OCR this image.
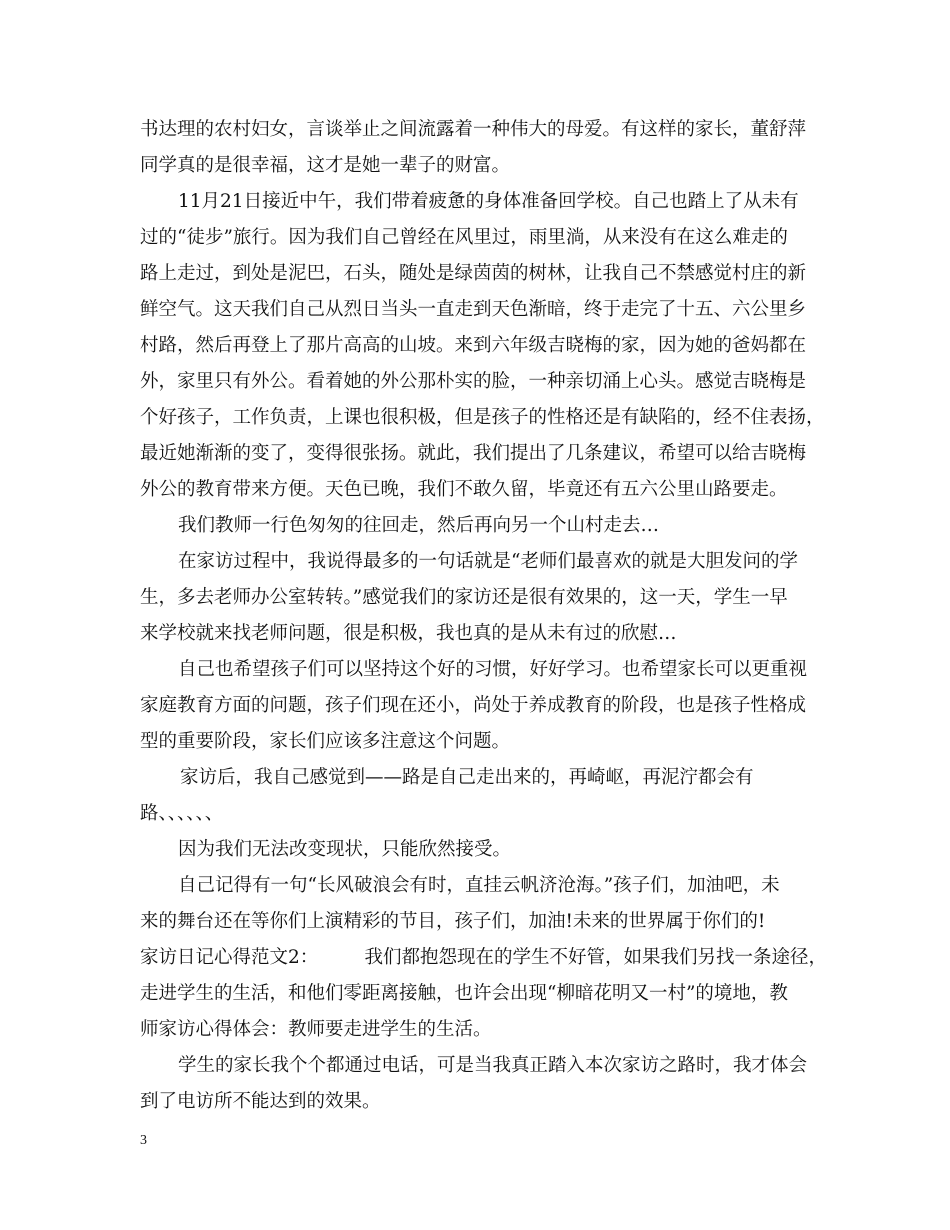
书达理的农村妇女，言谈举止之间流露着一种伟大的母爱。有这样的家长，董舒萍
同学真的是很幸福，这才是她一辈子的财富。
11月21日接近中午，我们带着疲惫的身体准备回学校。自己也踏上了从未有
过的“徒步”旅行。因为我们自己曾经在风里过，雨里淌，从来没有在这么难走的
路上走过，到处是泥巴，石头，随处是绿茵茵的树林，让我自己不禁感觉村庄的新
鲜空气。这天我们自己从烈日当头一直走到天色渐暗，终于走完了十五、六公里乡
村路，然后再登上了那片高高的山坡。来到六年级吉晓梅的家，因为她的爸妈都在
外，家里只有外公。看着她的外公那朴实的脸，一种亲切涌上心头。感觉吉晓梅是
个好孩子，工作负责，上课也很积极，但是孩子的性格还是有缺陷的，经不住表扬，
最近她渐渐的变了，变得很张扬。就此，我们提出了几条建议，希望可以给吉晓梅
外公的教育带来方便。天色已晚，我们不敢久留，毕竟还有五六公里山路要走。
我们教师一行色匆匆的往回走，然后再向另一个山村走去…
在家访过程中，我说得最多的一句话就是“老师们最喜欢的就是大胆发问的学
生，多去老师办公室转转。”感觉我们的家访还是很有效果的，这一天，学生一早
来学校就来找老师问题，很是积极，我也真的是从未有过的欣慰…
自己也希望孩子们可以坚持这个好的习惯，好好学习。也希望家长可以更重视
家庭教育方面的问题，孩子们现在还小，尚处于养成教育的阶段，也是孩子性格成
型的重要阶段，家长们应该多注意这个问题。
家访后，我自己感觉到——路是自己走出来的，再崎岖，再泥泞都会有
路、、、、、、
因为我们无法改变现状，只能欣然接受。
自己记得有一句“长风破浪会有时，直挂云帆济沧海。”孩子们，加油吧，未
来的舞台还在等你们上演精彩的节目，孩子们，加油!未来的世界属于你们的!
家访日记心得范文2：　　　我们都抱怨现在的学生不好管，如果我们另找一条途径，
走进学生的生活，和他们零距离接触，也许会出现“柳暗花明又一村”的境地，教
师家访心得体会：教师要走进学生的生活。
学生的家长我个个都通过电话，可是当我真正踏入本次家访之路时，我才体会
到了电访所不能达到的效果。
3
